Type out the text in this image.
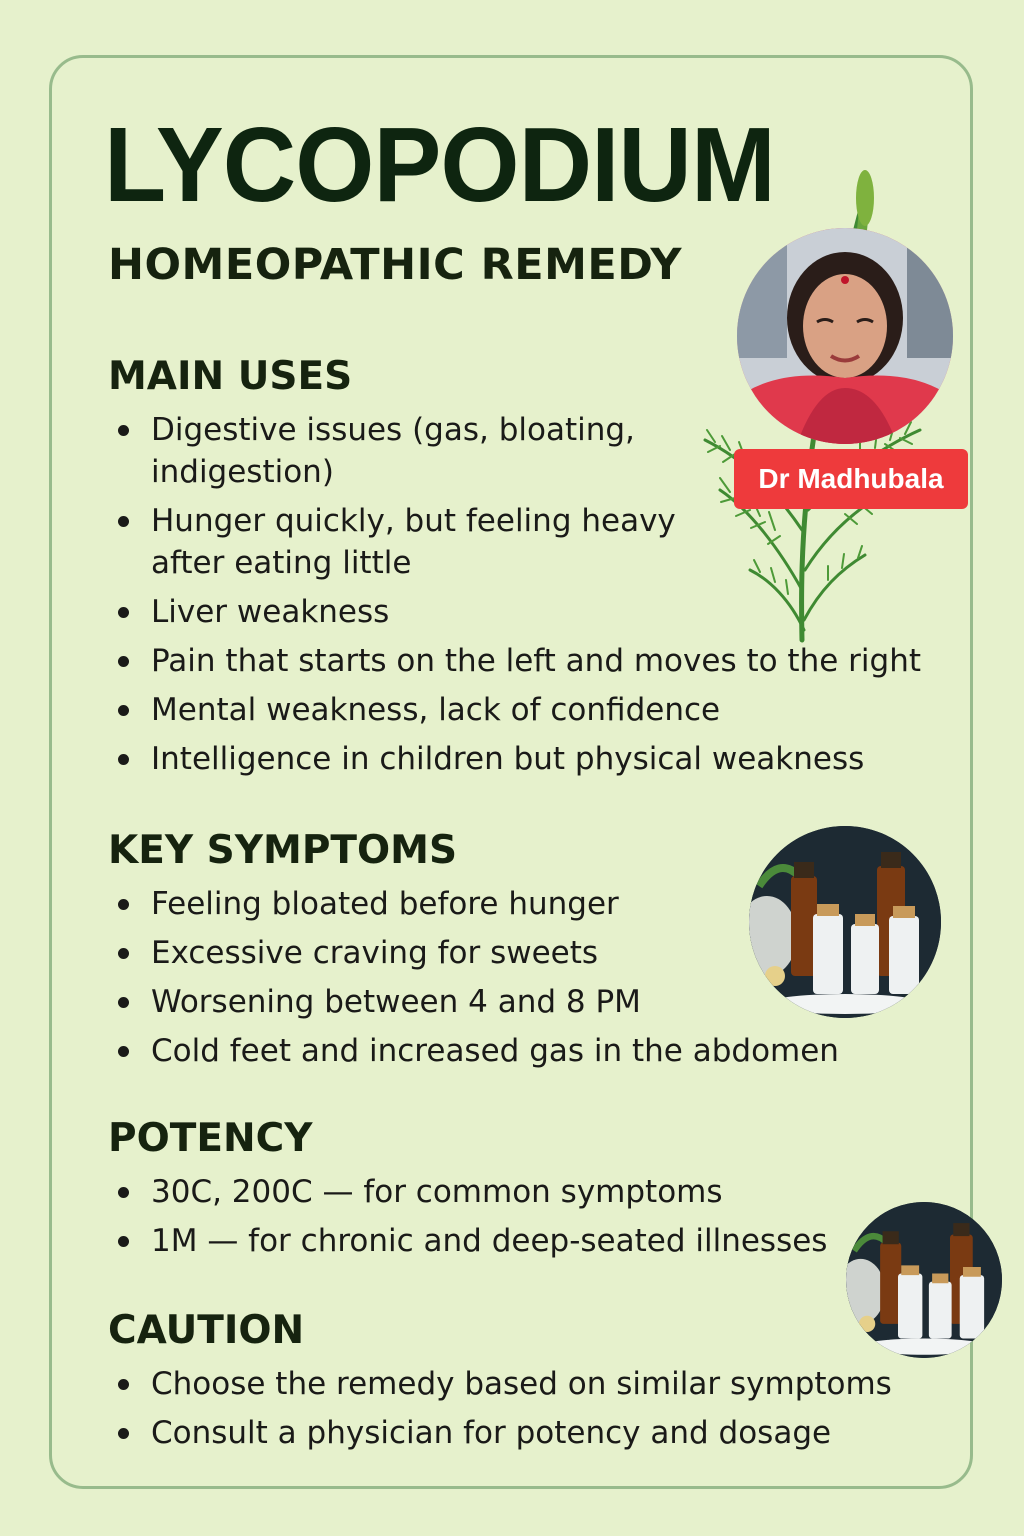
LYCOPODIUM
HOMEOPATHIC REMEDY
Dr Madhubala
MAIN USES
Digestive issues (gas, bloating, indigestion)
Hunger quickly, but feeling heavy after eating little
Liver weakness
Pain that starts on the left and moves to the right
Mental weakness, lack of confidence
Intelligence in children but physical weakness
KEY SYMPTOMS
Feeling bloated before hunger
Excessive craving for sweets
Worsening between 4 and 8 PM
Cold feet and increased gas in the abdomen
POTENCY
30C, 200C — for common symptoms
1M — for chronic and deep-seated illnesses
CAUTION
Choose the remedy based on similar symptoms
Consult a physician for potency and dosage
